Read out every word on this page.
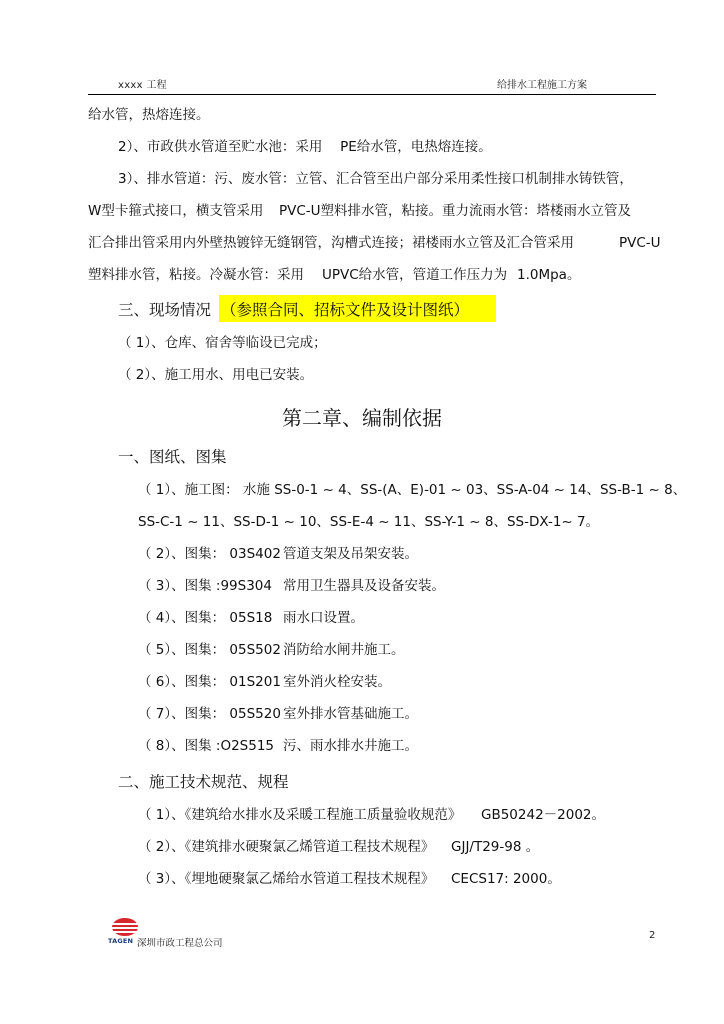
xxxx 工程	给排水工程施工方案
给水管，热熔连接。
2）、市政供水管道至贮水池：采用　 PE给水管，电热熔连接。
3）、排水管道：污、废水管：立管、汇合管至出户部分采用柔性接口机制排水铸铁管，
W型卡箍式接口，横支管采用 PVC-U塑料排水管，粘接。重力流雨水管：塔楼雨水立管及
汇合排出管采用内外壁热镀锌无缝钢管，沟槽式连接；裙楼雨水立管及汇合管采用	PVC-U
塑料排水管，粘接。冷凝水管：采用 UPVC给水管，管道工作压力为 1.0Mpa。
三、现场情况 （参照合同、招标文件及设计图纸）
（ 1）、仓库、宿舍等临设已完成；
（ 2）、施工用水、用电已安装。
第二章、编制依据
一、图纸、图集
（ 1）、施工图： 水施 SS-0-1 ~ 4、SS-(A、E)-01 ~ 03、SS-A-04 ~ 14、SS-B-1 ~ 8、
SS-C-1 ~ 11、SS-D-1 ~ 10、SS-E-4 ~ 11、SS-Y-1 ~ 8、SS-DX-1~ 7。
（ 2）、图集： 03S402 管道支架及吊架安装。
（ 3）、图集 :99S304 常用卫生器具及设备安装。
（ 4）、图集： 05S18 雨水口设置。
（ 5）、图集： 05S502 消防给水闸井施工。
（ 6）、图集： 01S201 室外消火栓安装。
（ 7）、图集： 05S520 室外排水管基础施工。
（ 8）、图集 :O2S515 污、雨水排水井施工。
二、施工技术规范、规程
（ 1）、《建筑给水排水及采暖工程施工质量验收规范》 GB50242－2002。
（ 2）、《建筑排水硬聚氯乙烯管道工程技术规程》 GJJ/T29-98 。
（ 3）、《埋地硬聚氯乙烯给水管道工程技术规程》 CECS17: 2000。
TAGEN 深圳市政工程总公司
2
